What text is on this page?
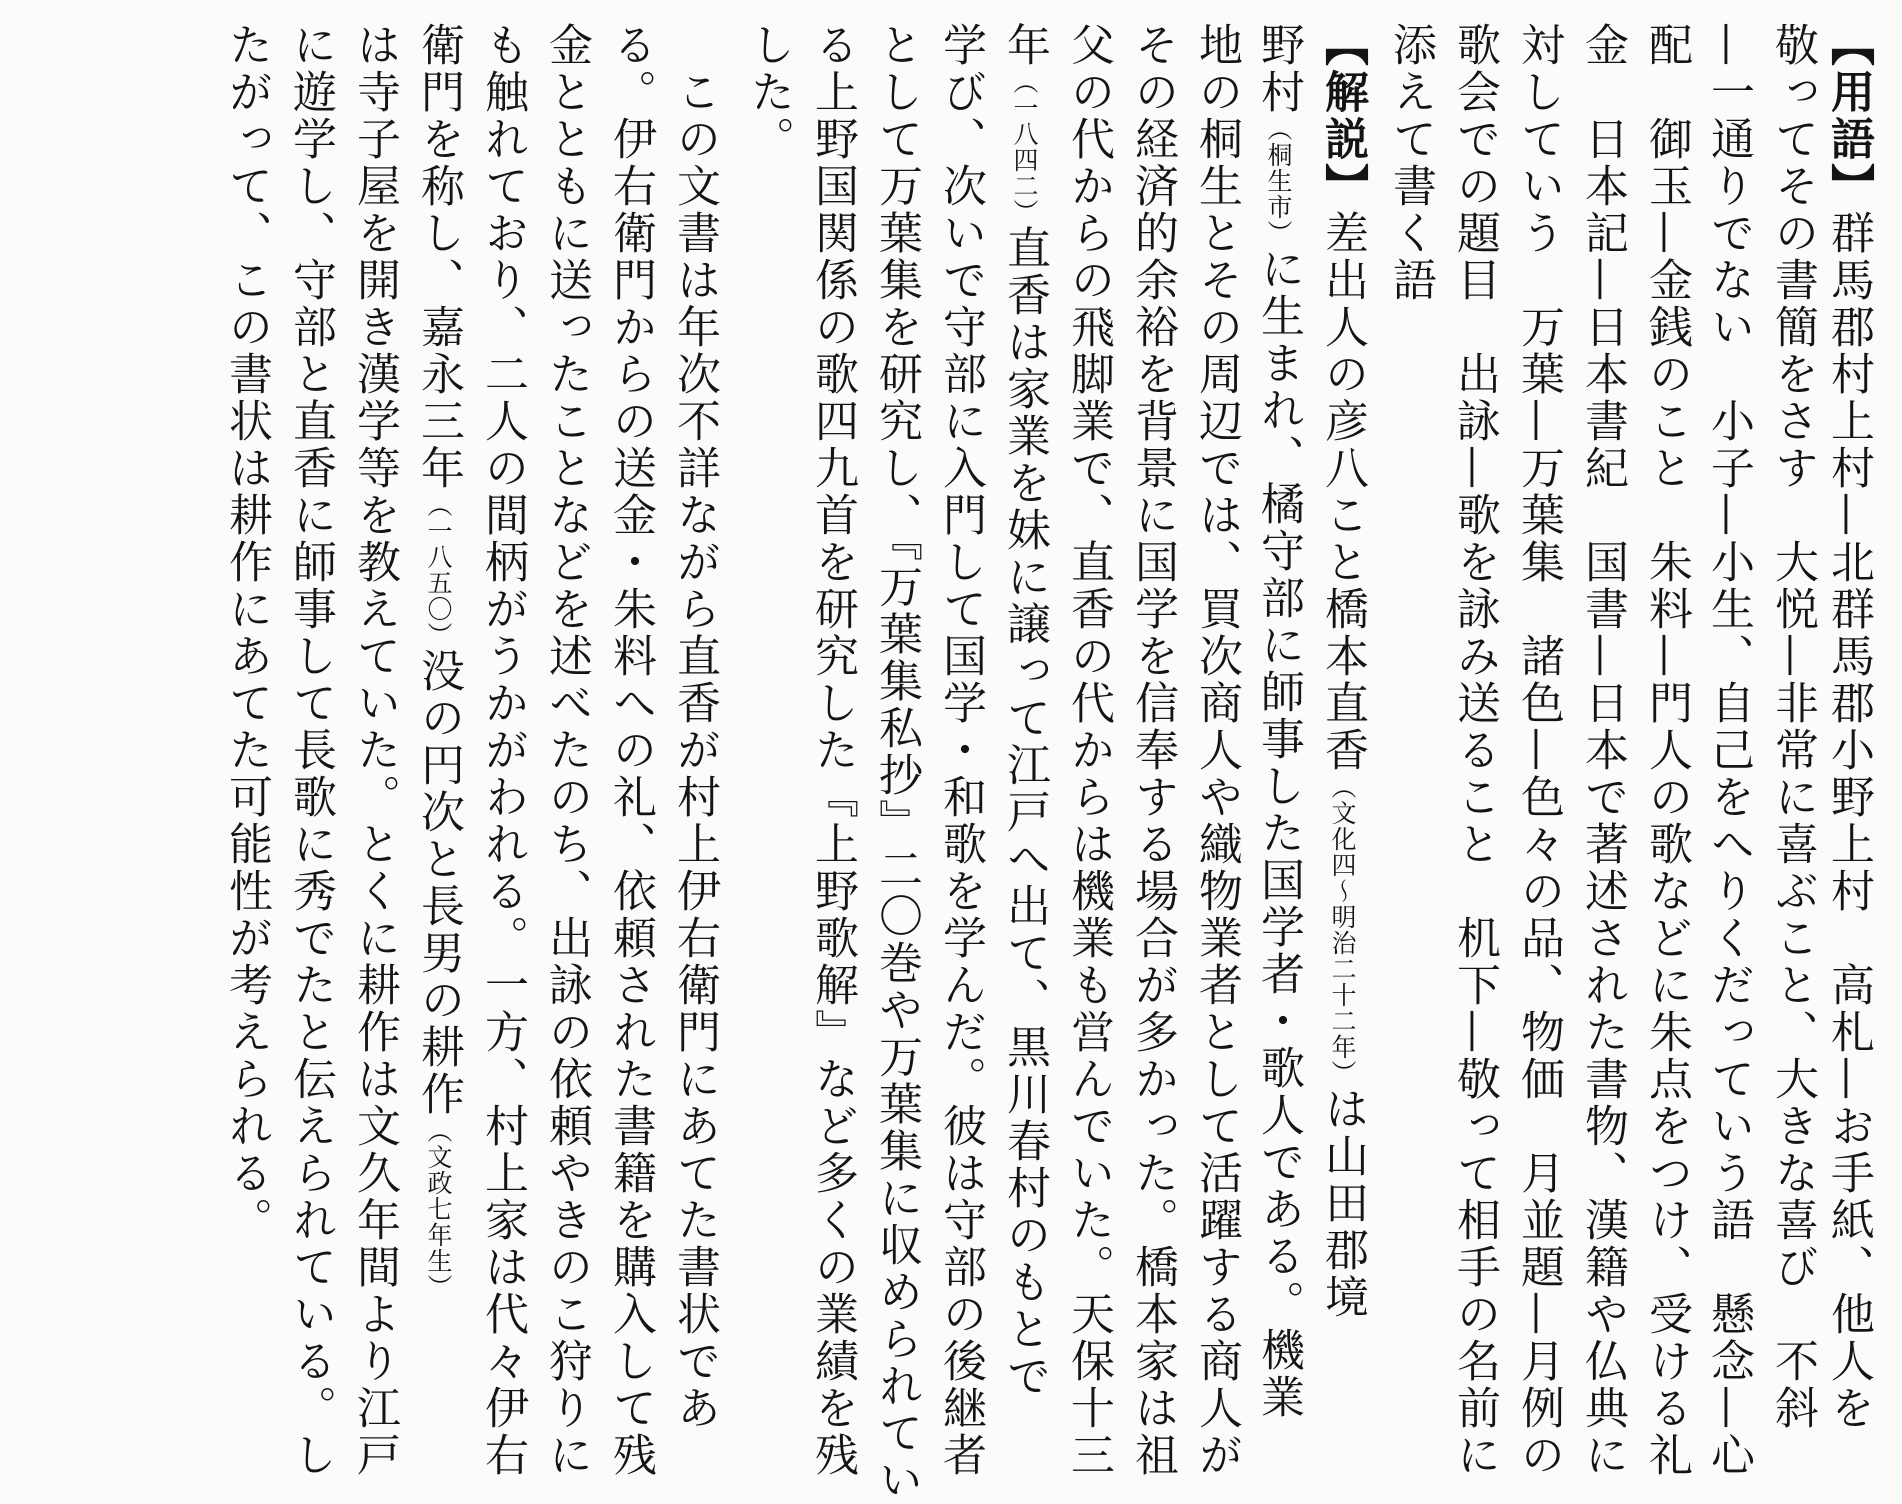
【用語】群馬郡村上村—北群馬郡小野上村　高札—お手紙、他人を
敬ってその書簡をさす　大悦—非常に喜ぶこと、大きな喜び　不斜
—一通りでない　小子—小生、自己をへりくだっていう語　懸念—心
配　御玉—金銭のこと　朱料—門人の歌などに朱点をつけ、受ける礼
金　日本記—日本書紀　国書—日本で著述された書物、漢籍や仏典に
対していう　万葉—万葉集　諸色—色々の品、物価　月並題—月例の
歌会での題目　出詠—歌を詠み送ること　机下—敬って相手の名前に
添えて書く語
【解説】差出人の彦八こと橋本直香（文化四〜明治二十二年）は山田郡境
野村（桐生市）に生まれ、橘守部に師事した国学者・歌人である。機業
地の桐生とその周辺では、買次商人や織物業者として活躍する商人が
その経済的余裕を背景に国学を信奉する場合が多かった。橋本家は祖
父の代からの飛脚業で、直香の代からは機業も営んでいた。天保十三
年（一八四二）直香は家業を妹に譲って江戸へ出て、黒川春村のもとで
学び、次いで守部に入門して国学・和歌を学んだ。彼は守部の後継者
として万葉集を研究し、『万葉集私抄』二〇巻や万葉集に収められてい
る上野国関係の歌四九首を研究した『上野歌解』など多くの業績を残
した。
　この文書は年次不詳ながら直香が村上伊右衛門にあてた書状であ
る。伊右衛門からの送金・朱料への礼、依頼された書籍を購入して残
金とともに送ったことなどを述べたのち、出詠の依頼やきのこ狩りに
も触れており、二人の間柄がうかがわれる。一方、村上家は代々伊右
衛門を称し、嘉永三年（一八五〇）没の円次と長男の耕作（文政七年生）
は寺子屋を開き漢学等を教えていた。とくに耕作は文久年間より江戸
に遊学し、守部と直香に師事して長歌に秀でたと伝えられている。し
たがって、この書状は耕作にあてた可能性が考えられる。
